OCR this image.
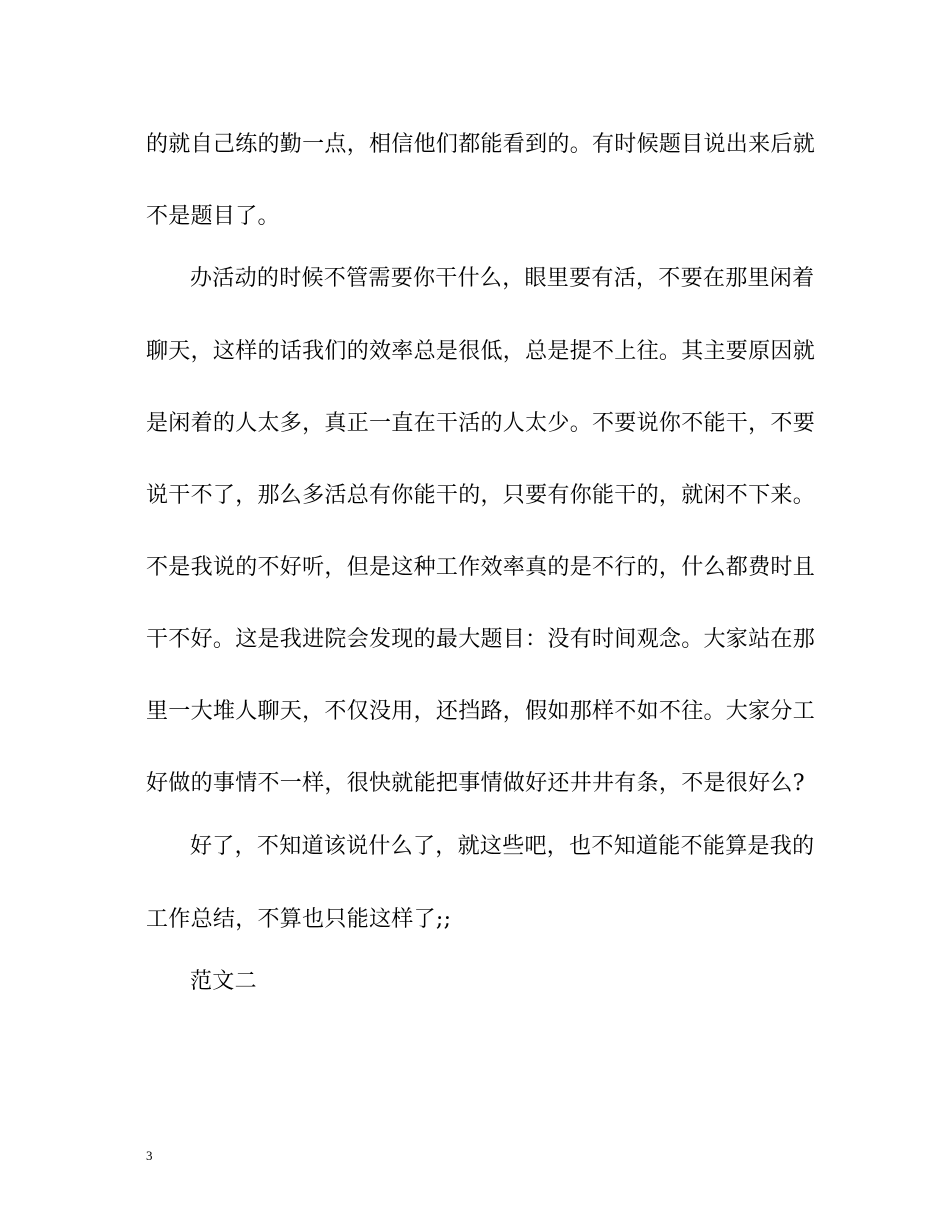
的就自己练的勤一点，相信他们都能看到的。有时候题目说出来后就
不是题目了。
办活动的时候不管需要你干什么，眼里要有活，不要在那里闲着
聊天，这样的话我们的效率总是很低，总是提不上往。其主要原因就
是闲着的人太多，真正一直在干活的人太少。不要说你不能干，不要
说干不了，那么多活总有你能干的，只要有你能干的，就闲不下来。
不是我说的不好听，但是这种工作效率真的是不行的，什么都费时且
干不好。这是我进院会发现的最大题目：没有时间观念。大家站在那
里一大堆人聊天，不仅没用，还挡路，假如那样不如不往。大家分工
好做的事情不一样，很快就能把事情做好还井井有条，不是很好么?
好了，不知道该说什么了，就这些吧，也不知道能不能算是我的
工作总结，不算也只能这样了;;
范文二
3
